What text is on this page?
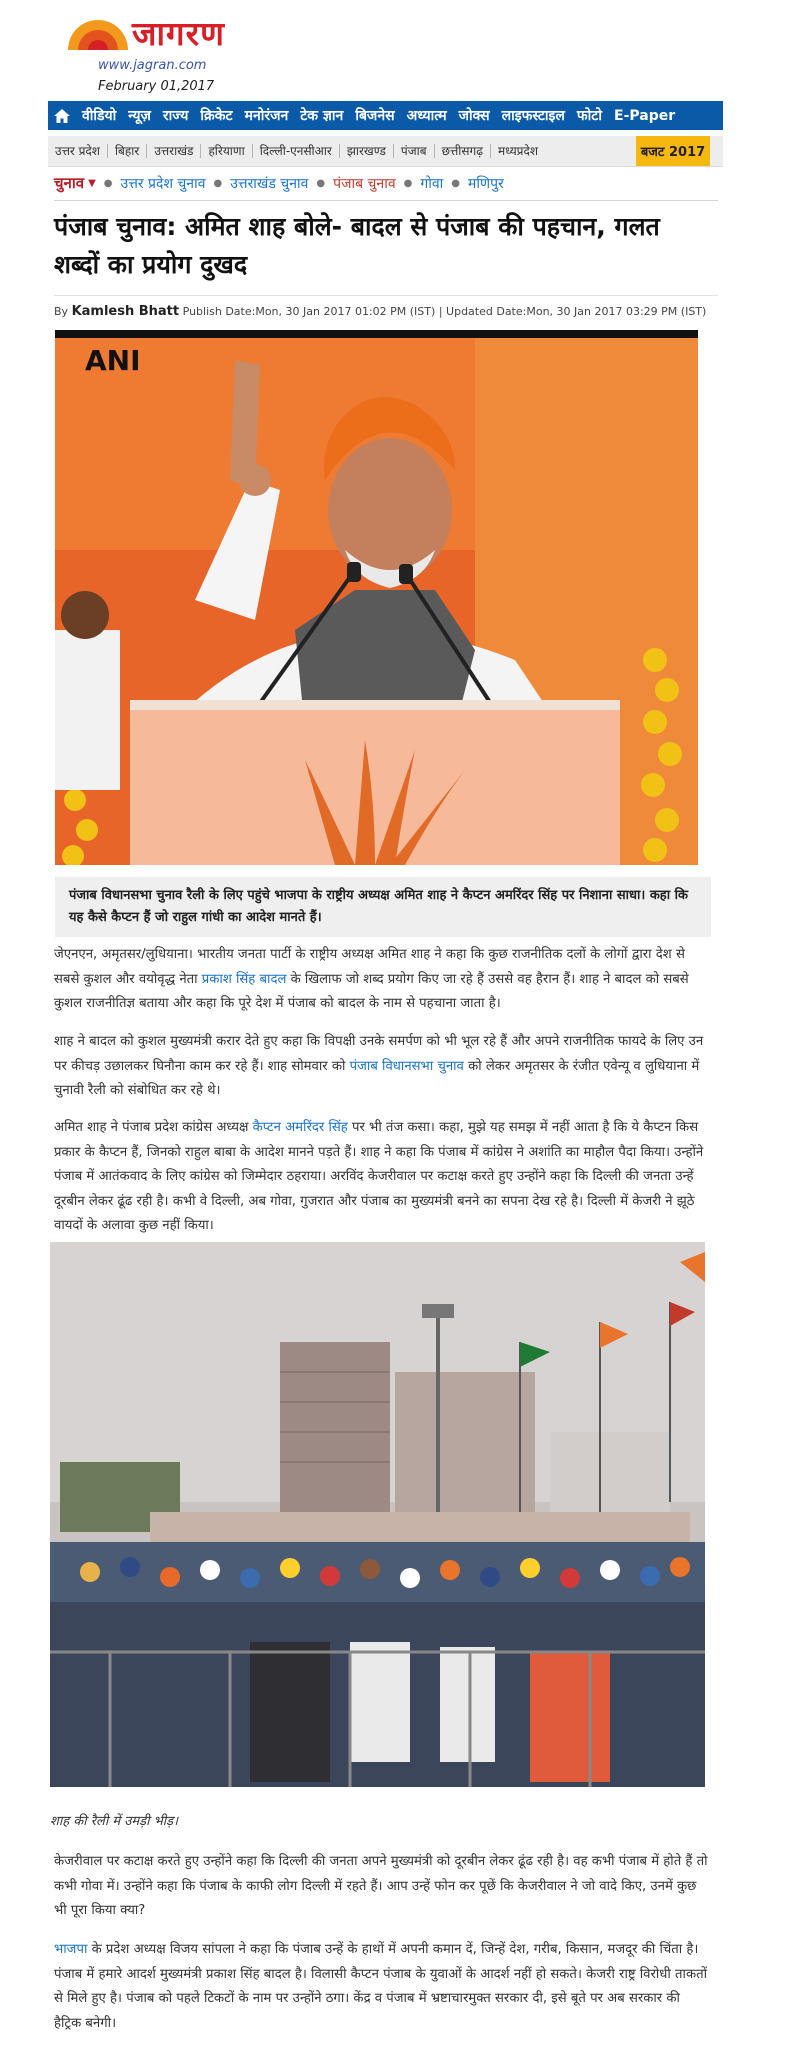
जागरण
www.jagran.com
February 01,2017
वीडियो न्यूज़ राज्य क्रिकेट मनोरंजन टेक ज्ञान बिजनेस अध्यात्म जोक्स लाइफस्टाइल फोटो E-Paper
उत्तर प्रदेश	बिहार	उत्तराखंड	हरियाणा	दिल्ली-एनसीआर	झारखण्ड	पंजाब	छत्तीसगढ़	मध्यप्रदेश	बजट 2017
चुनाव ▼ ● उत्तर प्रदेश चुनाव ● उत्तराखंड चुनाव ● पंजाब चुनाव ● गोवा ● मणिपुर
पंजाब चुनाव: अमित शाह बोले- बादल से पंजाब की पहचान, गलत शब्दों का प्रयोग दुखद
By Kamlesh Bhatt Publish Date:Mon, 30 Jan 2017 01:02 PM (IST) | Updated Date:Mon, 30 Jan 2017 03:29 PM (IST)
ANI

पंजाब विधानसभा चुनाव रैली के लिए पहुंचे भाजपा के राष्ट्रीय अध्यक्ष अमित शाह ने कैप्टन अमरिंदर सिंह पर निशाना साधा। कहा कि यह कैसे कैप्टन हैं जो राहुल गांधी का आदेश मानते हैं।

जेएनएन, अमृतसर/लुधियाना। भारतीय जनता पार्टी के राष्ट्रीय अध्यक्ष अमित शाह ने कहा कि कुछ राजनीतिक दलों के लोगों द्वारा देश से सबसे कुशल और वयोवृद्ध नेता प्रकाश सिंह बादल के खिलाफ जो शब्द प्रयोग किए जा रहे हैं उससे वह हैरान हैं। शाह ने बादल को सबसे कुशल राजनीतिज्ञ बताया और कहा कि पूरे देश में पंजाब को बादल के नाम से पहचाना जाता है।

शाह ने बादल को कुशल मुख्यमंत्री करार देते हुए कहा कि विपक्षी उनके समर्पण को भी भूल रहे हैं और अपने राजनीतिक फायदे के लिए उन पर कीचड़ उछालकर घिनौना काम कर रहे हैं। शाह सोमवार को पंजाब विधानसभा चुनाव को लेकर अमृतसर के रंजीत एवेन्यू व लुधियाना में चुनावी रैली को संबोधित कर रहे थे।

अमित शाह ने पंजाब प्रदेश कांग्रेस अध्यक्ष कैप्टन अमरिंदर सिंह पर भी तंज कसा। कहा, मुझे यह समझ में नहीं आता है कि ये कैप्टन किस प्रकार के कैप्टन हैं, जिनको राहुल बाबा के आदेश मानने पड़ते हैं। शाह ने कहा कि पंजाब में कांग्रेस ने अशांति का माहौल पैदा किया। उन्होंने पंजाब में आतंकवाद के लिए कांग्रेस को जिम्मेदार ठहराया। अरविंद केजरीवाल पर कटाक्ष करते हुए उन्होंने कहा कि दिल्ली की जनता उन्हें दूरबीन लेकर ढूंढ रही है। कभी वे दिल्ली, अब गोवा, गुजरात और पंजाब का मुख्यमंत्री बनने का सपना देख रहे है। दिल्ली में केजरी ने झूठे वायदों के अलावा कुछ नहीं किया।

शाह की रैली में उमड़ी भीड़।

केजरीवाल पर कटाक्ष करते हुए उन्होंने कहा कि दिल्ली की जनता अपने मुख्यमंत्री को दूरबीन लेकर ढूंढ रही है। वह कभी पंजाब में होते हैं तो कभी गोवा में। उन्होंने कहा कि पंजाब के काफी लोग दिल्ली में रहते हैं। आप उन्हें फोन कर पूछें कि केजरीवाल ने जो वादे किए, उनमें कुछ भी पूरा किया क्या?

भाजपा के प्रदेश अध्यक्ष विजय सांपला ने कहा कि पंजाब उन्हें के हाथों में अपनी कमान दें, जिन्हें देश, गरीब, किसान, मजदूर की चिंता है। पंजाब में हमारे आदर्श मुख्यमंत्री प्रकाश सिंह बादल है। विलासी कैप्टन पंजाब के युवाओं के आदर्श नहीं हो सकते। केजरी राष्ट्र विरोधी ताकतों से मिले हुए है। पंजाब को पहले टिकटों के नाम पर उन्होंने ठगा। केंद्र व पंजाब में भ्रष्टाचारमुक्त सरकार दी, इसे बूते पर अब सरकार की हैट्रिक बनेगी।
